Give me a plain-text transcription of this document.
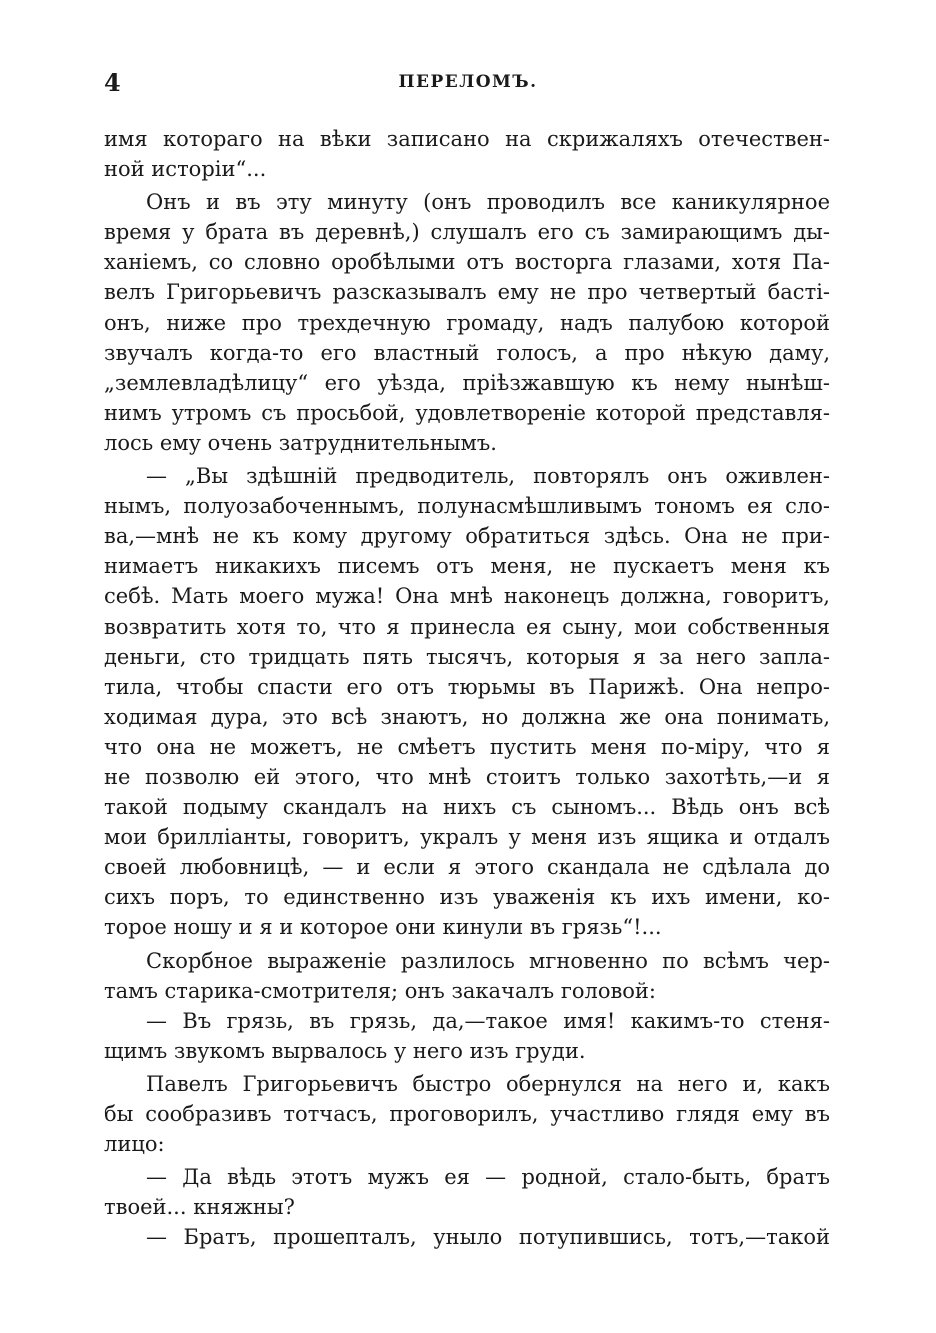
4	ПЕРЕЛОМЪ.
имя котораго на вѣки записано на скрижаляхъ отечествен-
ной исторіи“...
Онъ и въ эту минуту (онъ проводилъ все каникулярное
время у брата въ деревнѣ,) слушалъ его съ замирающимъ ды-
ханіемъ, со словно оробѣлыми отъ восторга глазами, хотя Па-
велъ Григорьевичъ разсказывалъ ему не про четвертый басті-
онъ, ниже про трехдечную громаду, надъ палубою которой
звучалъ когда-то его властный голосъ, а про нѣкую даму,
„землевладѣлицу“ его уѣзда, пріѣзжавшую къ нему нынѣш-
нимъ утромъ съ просьбой, удовлетвореніе которой представля-
лось ему очень затруднительнымъ.
— „Вы здѣшній предводитель, повторялъ онъ оживлен-
нымъ, полуозабоченнымъ, полунасмѣшливымъ тономъ ея сло-
ва,—мнѣ не къ кому другому обратиться здѣсь. Она не при-
нимаетъ никакихъ писемъ отъ меня, не пускаетъ меня къ
себѣ. Мать моего мужа! Она мнѣ наконецъ должна, говоритъ,
возвратить хотя то, что я принесла ея сыну, мои собственныя
деньги, сто тридцать пять тысячъ, которыя я за него запла-
тила, чтобы спасти его отъ тюрьмы въ Парижѣ. Она непро-
ходимая дура, это всѣ знаютъ, но должна же она понимать,
что она не можетъ, не смѣетъ пустить меня по-міру, что я
не позволю ей этого, что мнѣ стоитъ только захотѣть,—и я
такой подыму скандалъ на нихъ съ сыномъ... Вѣдь онъ всѣ
мои брилліанты, говоритъ, укралъ у меня изъ ящика и отдалъ
своей любовницѣ, — и если я этого скандала не сдѣлала до
сихъ поръ, то единственно изъ уваженія къ ихъ имени, ко-
торое ношу и я и которое они кинули въ грязь“!...
Скорбное выраженіе разлилось мгновенно по всѣмъ чер-
тамъ старика-смотрителя; онъ закачалъ головой:
— Въ грязь, въ грязь, да,—такое имя! какимъ-то стеня-
щимъ звукомъ вырвалось у него изъ груди.
Павелъ Григорьевичъ быстро обернулся на него и, какъ
бы сообразивъ тотчасъ, проговорилъ, участливо глядя ему въ
лицо:
— Да вѣдь этотъ мужъ ея — родной, стало-быть, братъ
твоей... княжны?
— Братъ, прошепталъ, уныло потупившись, тотъ,—такой
